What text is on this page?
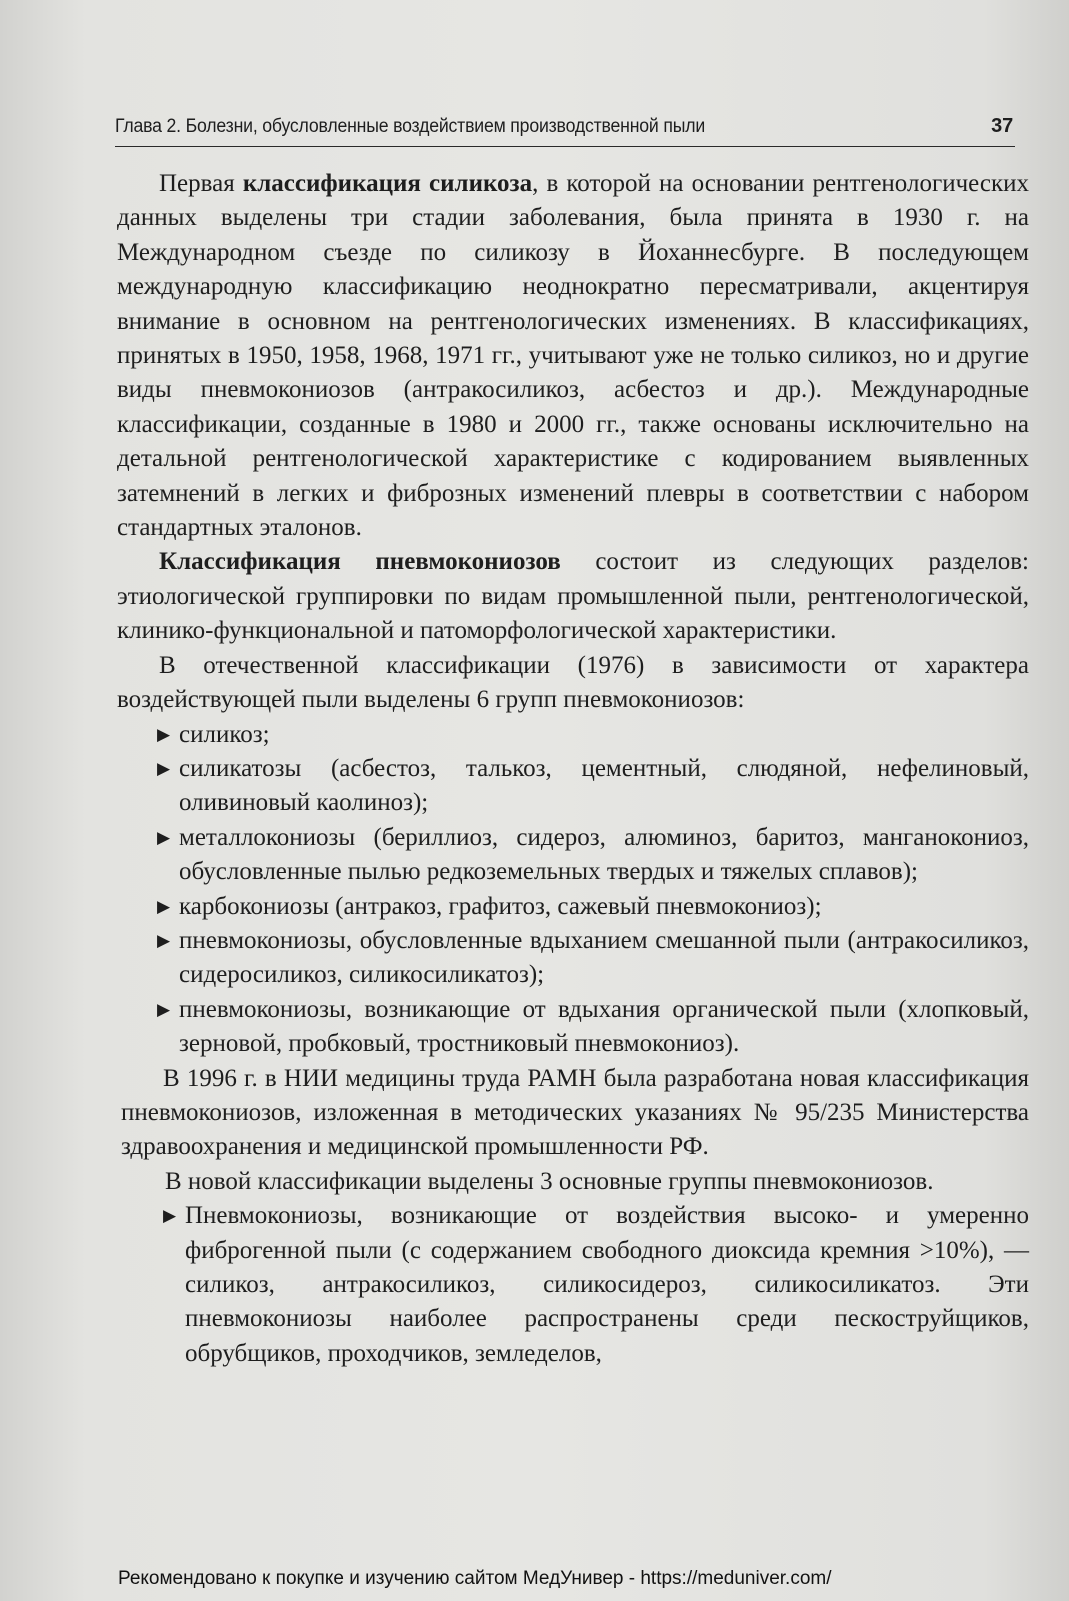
Глава 2. Болезни, обусловленные воздействием производственной пыли	37

Первая классификация силикоза, в которой на основании рентгенологических данных выделены три стадии заболевания, была принята в 1930 г. на Международном съезде по силикозу в Йоханнесбурге. В последующем международную классификацию неоднократно пересматривали, акцентируя внимание в основном на рентгенологических изменениях. В классификациях, принятых в 1950, 1958, 1968, 1971 гг., учитывают уже не только силикоз, но и другие виды пневмокониозов (антракосиликоз, асбестоз и др.). Международные классификации, созданные в 1980 и 2000 гг., также основаны исключительно на детальной рентгенологической характеристике с кодированием выявленных затемнений в легких и фиброзных изменений плевры в соответствии с набором стандартных эталонов.

Классификация пневмокониозов состоит из следующих разделов: этиологической группировки по видам промышленной пыли, рентгенологической, клинико-функциональной и патоморфологической характеристики.

В отечественной классификации (1976) в зависимости от характера воздействующей пыли выделены 6 групп пневмокониозов:

▶ силикоз;
▶ силикатозы (асбестоз, талькоз, цементный, слюдяной, нефелиновый, оливиновый каолиноз);
▶ металлокониозы (бериллиоз, сидероз, алюминоз, баритоз, манганокониоз, обусловленные пылью редкоземельных твердых и тяжелых сплавов);
▶ карбокониозы (антракоз, графитоз, сажевый пневмокониоз);
▶ пневмокониозы, обусловленные вдыханием смешанной пыли (антракосиликоз, сидеросиликоз, силикосиликатоз);
▶ пневмокониозы, возникающие от вдыхания органической пыли (хлопковый, зерновой, пробковый, тростниковый пневмокониоз).

В 1996 г. в НИИ медицины труда РАМН была разработана новая классификация пневмокониозов, изложенная в методических указаниях № 95/235 Министерства здравоохранения и медицинской промышленности РФ.

В новой классификации выделены 3 основные группы пневмокониозов.

▶ Пневмокониозы, возникающие от воздействия высоко- и умеренно фиброгенной пыли (с содержанием свободного диоксида кремния >10%), — силикоз, антракосиликоз, силикосидероз, силикосиликатоз. Эти пневмокониозы наиболее распространены среди пескоструйщиков, обрубщиков, проходчиков, земледелов,
Рекомендовано к покупке и изучению сайтом МедУнивер - https://meduniver.com/
